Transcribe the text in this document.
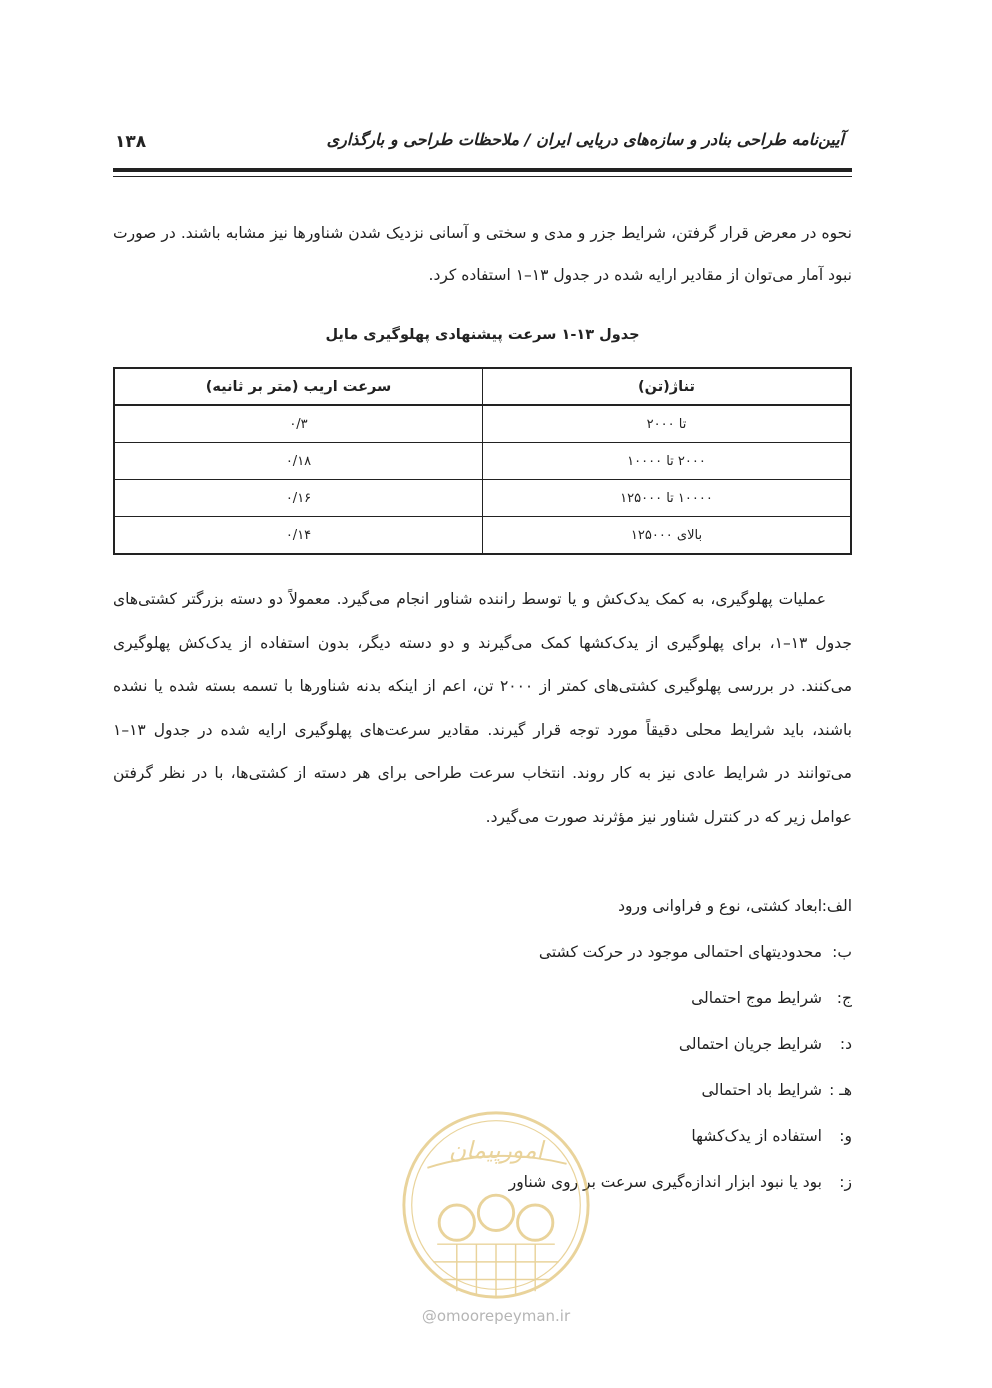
۱۳۸	آیین‌نامه طراحی بنادر و سازه‌های دریایی ایران / ملاحظات طراحی و بارگذاری

نحوه در معرض قرار گرفتن، شرایط جزر و مدی و سختی و آسانی نزدیک شدن شناورها نیز مشابه باشند. در صورت نبود آمار می‌توان از مقادیر ارایه شده در جدول ۱۳–۱ استفاده کرد.

جدول ۱۳-۱ سرعت پیشنهادی پهلوگیری مایل
تناژ(تن)	سرعت اریب (متر بر ثانیه)
تا ۲۰۰۰	۰/۳
۲۰۰۰ تا ۱۰۰۰۰	۰/۱۸
۱۰۰۰۰ تا ۱۲۵۰۰۰	۰/۱۶
بالای ۱۲۵۰۰۰	۰/۱۴

عملیات پهلوگیری، به کمک یدک‌کش و یا توسط راننده شناور انجام می‌گیرد. معمولاً دو دسته بزرگتر کشتی‌های جدول ۱۳–۱، برای پهلوگیری از یدک‌کشها کمک می‌گیرند و دو دسته دیگر، بدون استفاده از یدک‌کش پهلوگیری می‌کنند. در بررسی پهلوگیری کشتی‌های کمتر از ۲۰۰۰ تن، اعم از اینکه بدنه شناورها با تسمه بسته شده یا نشده باشند، باید شرایط محلی دقیقاً مورد توجه قرار گیرند. مقادیر سرعت‌های پهلوگیری ارایه شده در جدول ۱۳–۱ می‌توانند در شرایط عادی نیز به کار روند. انتخاب سرعت طراحی برای هر دسته از کشتی‌ها، با در نظر گرفتن عوامل زیر که در کنترل شناور نیز مؤثرند صورت می‌گیرد.

الف:ابعاد کشتی، نوع و فراوانی ورود
ب:محدودیتهای احتمالی موجود در حرکت کشتی
ج:شرایط موج احتمالی
د:شرایط جریان احتمالی
هـ :شرایط باد احتمالی
و:استفاده از یدک‌کشها
ز:بود یا نبود ابزار اندازه‌گیری سرعت بر روی شناور
امورپیمان
@omoorepeyman.ir
